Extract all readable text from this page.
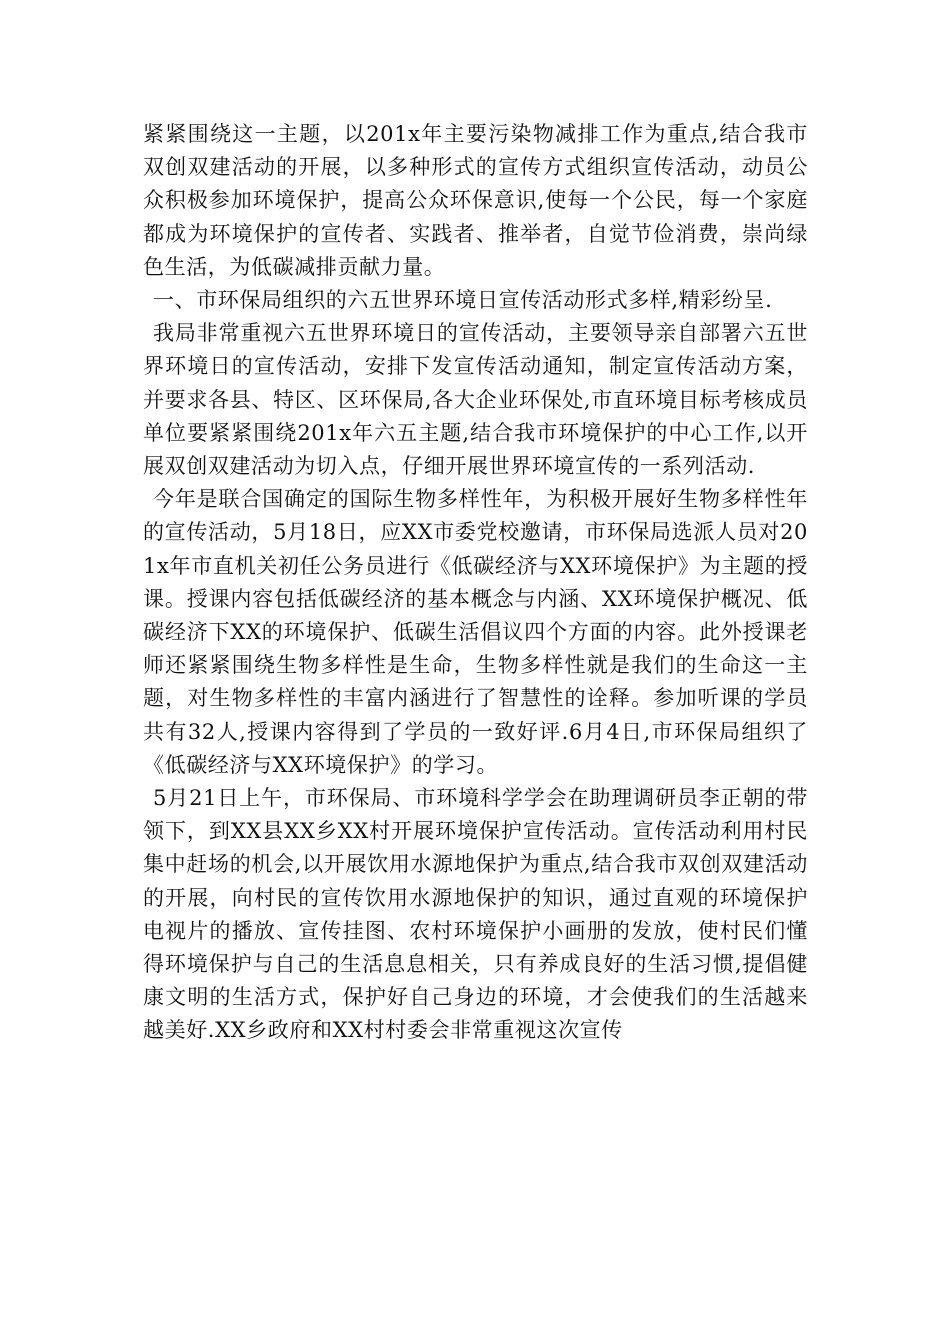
紧紧围绕这一主题，以201x年主要污染物减排工作为重点,结合我市双创双建活动的开展，以多种形式的宣传方式组织宣传活动，动员公众积极参加环境保护，提高公众环保意识,使每一个公民，每一个家庭都成为环境保护的宣传者、实践者、推举者，自觉节俭消费，崇尚绿色生活，为低碳减排贡献力量。

一、市环保局组织的六五世界环境日宣传活动形式多样,精彩纷呈.

我局非常重视六五世界环境日的宣传活动，主要领导亲自部署六五世界环境日的宣传活动，安排下发宣传活动通知，制定宣传活动方案，并要求各县、特区、区环保局,各大企业环保处,市直环境目标考核成员单位要紧紧围绕201x年六五主题,结合我市环境保护的中心工作,以开展双创双建活动为切入点，仔细开展世界环境宣传的一系列活动.

今年是联合国确定的国际生物多样性年，为积极开展好生物多样性年的宣传活动，5月18日，应XX市委党校邀请，市环保局选派人员对201x年市直机关初任公务员进行《低碳经济与XX环境保护》为主题的授课。授课内容包括低碳经济的基本概念与内涵、XX环境保护概况、低碳经济下XX的环境保护、低碳生活倡议四个方面的内容。此外授课老师还紧紧围绕生物多样性是生命，生物多样性就是我们的生命这一主题，对生物多样性的丰富内涵进行了智慧性的诠释。参加听课的学员共有32人,授课内容得到了学员的一致好评.6月4日,市环保局组织了《低碳经济与XX环境保护》的学习。

5月21日上午，市环保局、市环境科学学会在助理调研员李正朝的带领下，到XX县XX乡XX村开展环境保护宣传活动。宣传活动利用村民集中赶场的机会,以开展饮用水源地保护为重点,结合我市双创双建活动的开展，向村民的宣传饮用水源地保护的知识，通过直观的环境保护电视片的播放、宣传挂图、农村环境保护小画册的发放，使村民们懂得环境保护与自己的生活息息相关，只有养成良好的生活习惯,提倡健康文明的生活方式，保护好自己身边的环境，才会使我们的生活越来越美好.XX乡政府和XX村村委会非常重视这次宣传
